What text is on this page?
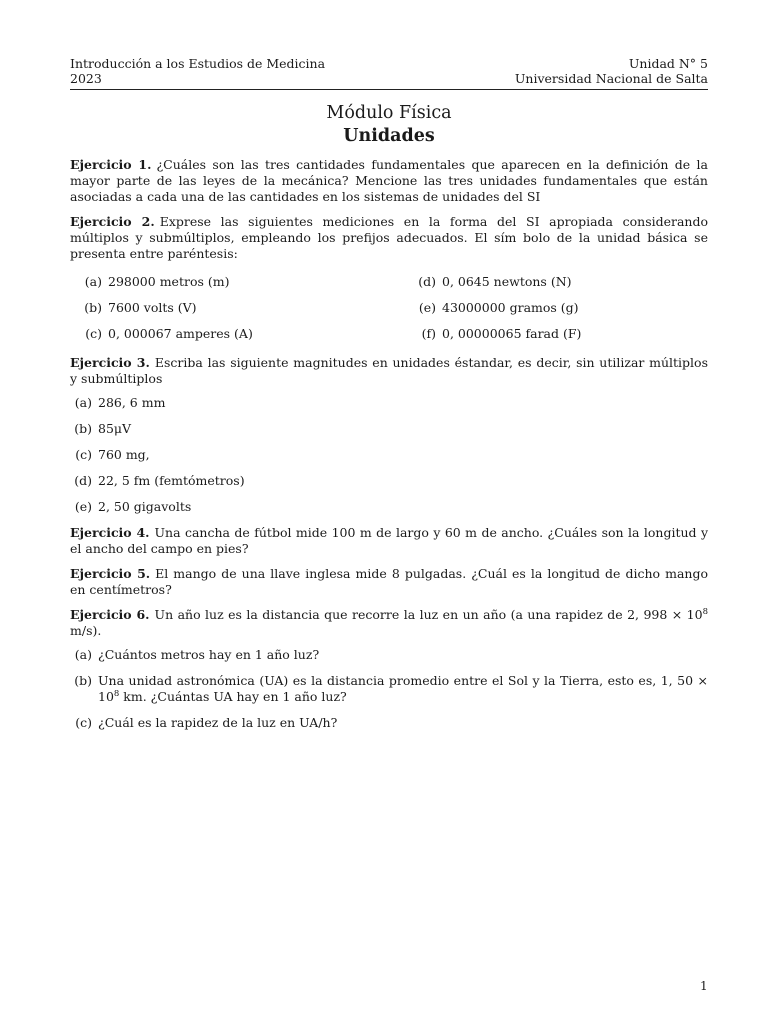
Introducción a los Estudios de Medicina
2023
Unidad N° 5
Universidad Nacional de Salta
Módulo Física
Unidades
Ejercicio 1. ¿Cuáles son las tres cantidades fundamentales que aparecen en la definición de la mayor parte de las leyes de la mecánica? Mencione las tres unidades fundamentales que están asociadas a cada una de las cantidades en los sistemas de unidades del SI
Ejercicio 2. Exprese las siguientes mediciones en la forma del SI apropiada considerando múltiplos y submúltiplos, empleando los prefijos adecuados. El sím bolo de la unidad básica se presenta entre paréntesis:
(a) 298000 metros (m)	(d) 0, 0645 newtons (N)
(b) 7600 volts (V)	(e) 43000000 gramos (g)
(c) 0, 000067 amperes (A)	(f) 0, 00000065 farad (F)
Ejercicio 3. Escriba las siguiente magnitudes en unidades éstandar, es decir, sin utilizar múltiplos y submúltiplos
(a) 286, 6 mm
(b) 85μV
(c) 760 mg,
(d) 22, 5 fm (femtómetros)
(e) 2, 50 gigavolts
Ejercicio 4. Una cancha de fútbol mide 100 m de largo y 60 m de ancho. ¿Cuáles son la longitud y el ancho del campo en pies?
Ejercicio 5. El mango de una llave inglesa mide 8 pulgadas. ¿Cuál es la longitud de dicho mango en centímetros?
Ejercicio 6. Un año luz es la distancia que recorre la luz en un año (a una rapidez de 2, $998 \times 10^8$ m/s).
(a) ¿Cuántos metros hay en 1 año luz?
(b) Una unidad astronómica (UA) es la distancia promedio entre el Sol y la Tierra, esto es, 1, $50 \times 10^8$ km. ¿Cuántas UA hay en 1 año luz?
(c) ¿Cuál es la rapidez de la luz en UA/h?
1
